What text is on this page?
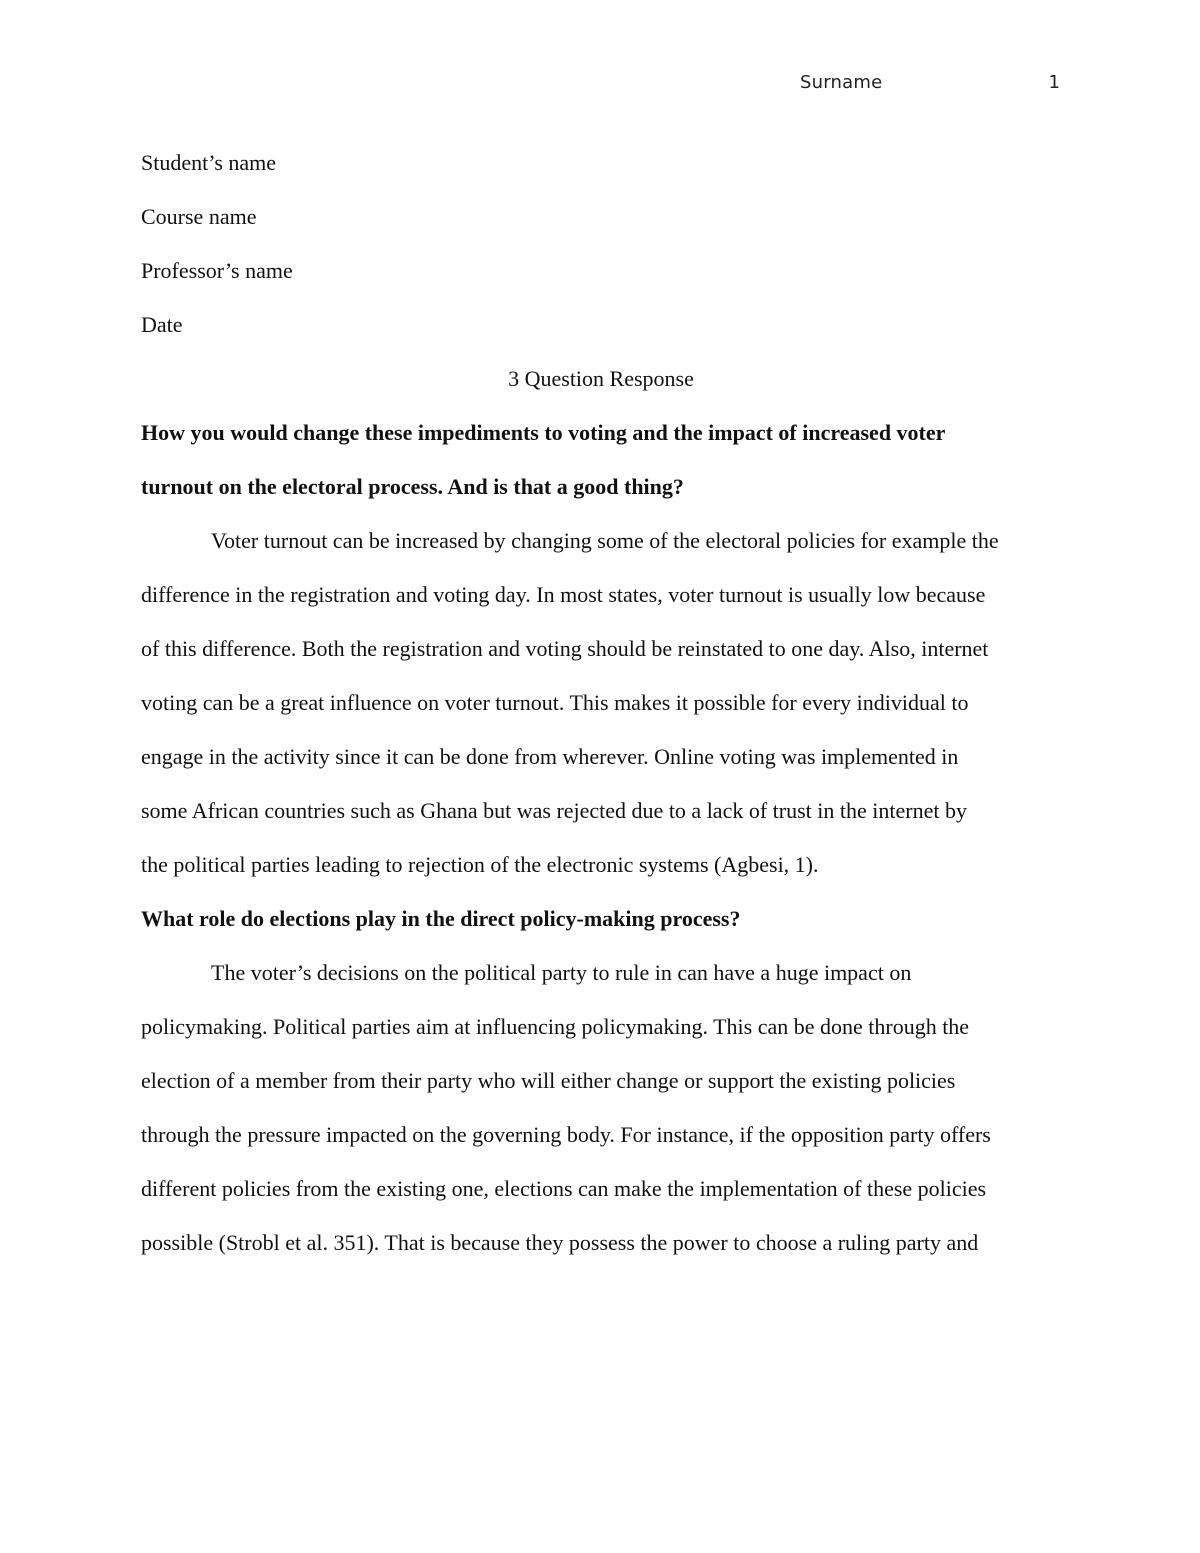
Surname	1
Student’s name
Course name
Professor’s name
Date
3 Question Response
How you would change these impediments to voting and the impact of increased voter
turnout on the electoral process. And is that a good thing?
Voter turnout can be increased by changing some of the electoral policies for example the
difference in the registration and voting day. In most states, voter turnout is usually low because
of this difference. Both the registration and voting should be reinstated to one day. Also, internet
voting can be a great influence on voter turnout. This makes it possible for every individual to
engage in the activity since it can be done from wherever. Online voting was implemented in
some African countries such as Ghana but was rejected due to a lack of trust in the internet by
the political parties leading to rejection of the electronic systems (Agbesi, 1).
What role do elections play in the direct policy-making process?
The voter’s decisions on the political party to rule in can have a huge impact on
policymaking. Political parties aim at influencing policymaking. This can be done through the
election of a member from their party who will either change or support the existing policies
through the pressure impacted on the governing body. For instance, if the opposition party offers
different policies from the existing one, elections can make the implementation of these policies
possible (Strobl et al. 351). That is because they possess the power to choose a ruling party and
